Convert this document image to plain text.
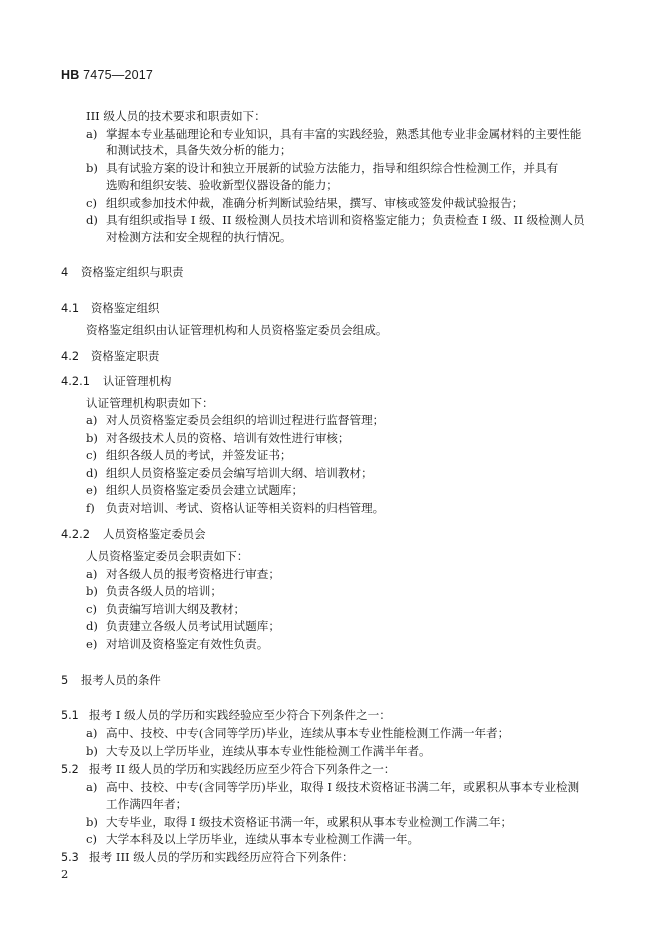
HB 7475—2017
III 级人员的技术要求和职责如下：
a) 掌握本专业基础理论和专业知识，具有丰富的实践经验，熟悉其他专业非金属材料的主要性能
和测试技术，具备失效分析的能力；
b) 具有试验方案的设计和独立开展新的试验方法能力，指导和组织综合性检测工作，并具有
选购和组织安装、验收新型仪器设备的能力；
c) 组织或参加技术仲裁，准确分析判断试验结果，撰写、审核或签发仲裁试验报告；
d) 具有组织或指导 I 级、II 级检测人员技术培训和资格鉴定能力；负责检查 I 级、II 级检测人员
对检测方法和安全规程的执行情况。
4 资格鉴定组织与职责
4.1 资格鉴定组织
资格鉴定组织由认证管理机构和人员资格鉴定委员会组成。
4.2 资格鉴定职责
4.2.1 认证管理机构
认证管理机构职责如下：
a) 对人员资格鉴定委员会组织的培训过程进行监督管理；
b) 对各级技术人员的资格、培训有效性进行审核；
c) 组织各级人员的考试，并签发证书；
d) 组织人员资格鉴定委员会编写培训大纲、培训教材；
e) 组织人员资格鉴定委员会建立试题库；
f) 负责对培训、考试、资格认证等相关资料的归档管理。
4.2.2 人员资格鉴定委员会
人员资格鉴定委员会职责如下：
a) 对各级人员的报考资格进行审查；
b) 负责各级人员的培训；
c) 负责编写培训大纲及教材；
d) 负责建立各级人员考试用试题库；
e) 对培训及资格鉴定有效性负责。
5 报考人员的条件
5.1 报考 I 级人员的学历和实践经验应至少符合下列条件之一：
a) 高中、技校、中专(含同等学历)毕业，连续从事本专业性能检测工作满一年者；
b) 大专及以上学历毕业，连续从事本专业性能检测工作满半年者。
5.2 报考 II 级人员的学历和实践经历应至少符合下列条件之一：
a) 高中、技校、中专(含同等学历)毕业，取得 I 级技术资格证书满二年，或累积从事本专业检测
工作满四年者；
b) 大专毕业，取得 I 级技术资格证书满一年，或累积从事本专业检测工作满二年；
c) 大学本科及以上学历毕业，连续从事本专业检测工作满一年。
5.3 报考 III 级人员的学历和实践经历应符合下列条件：
2
